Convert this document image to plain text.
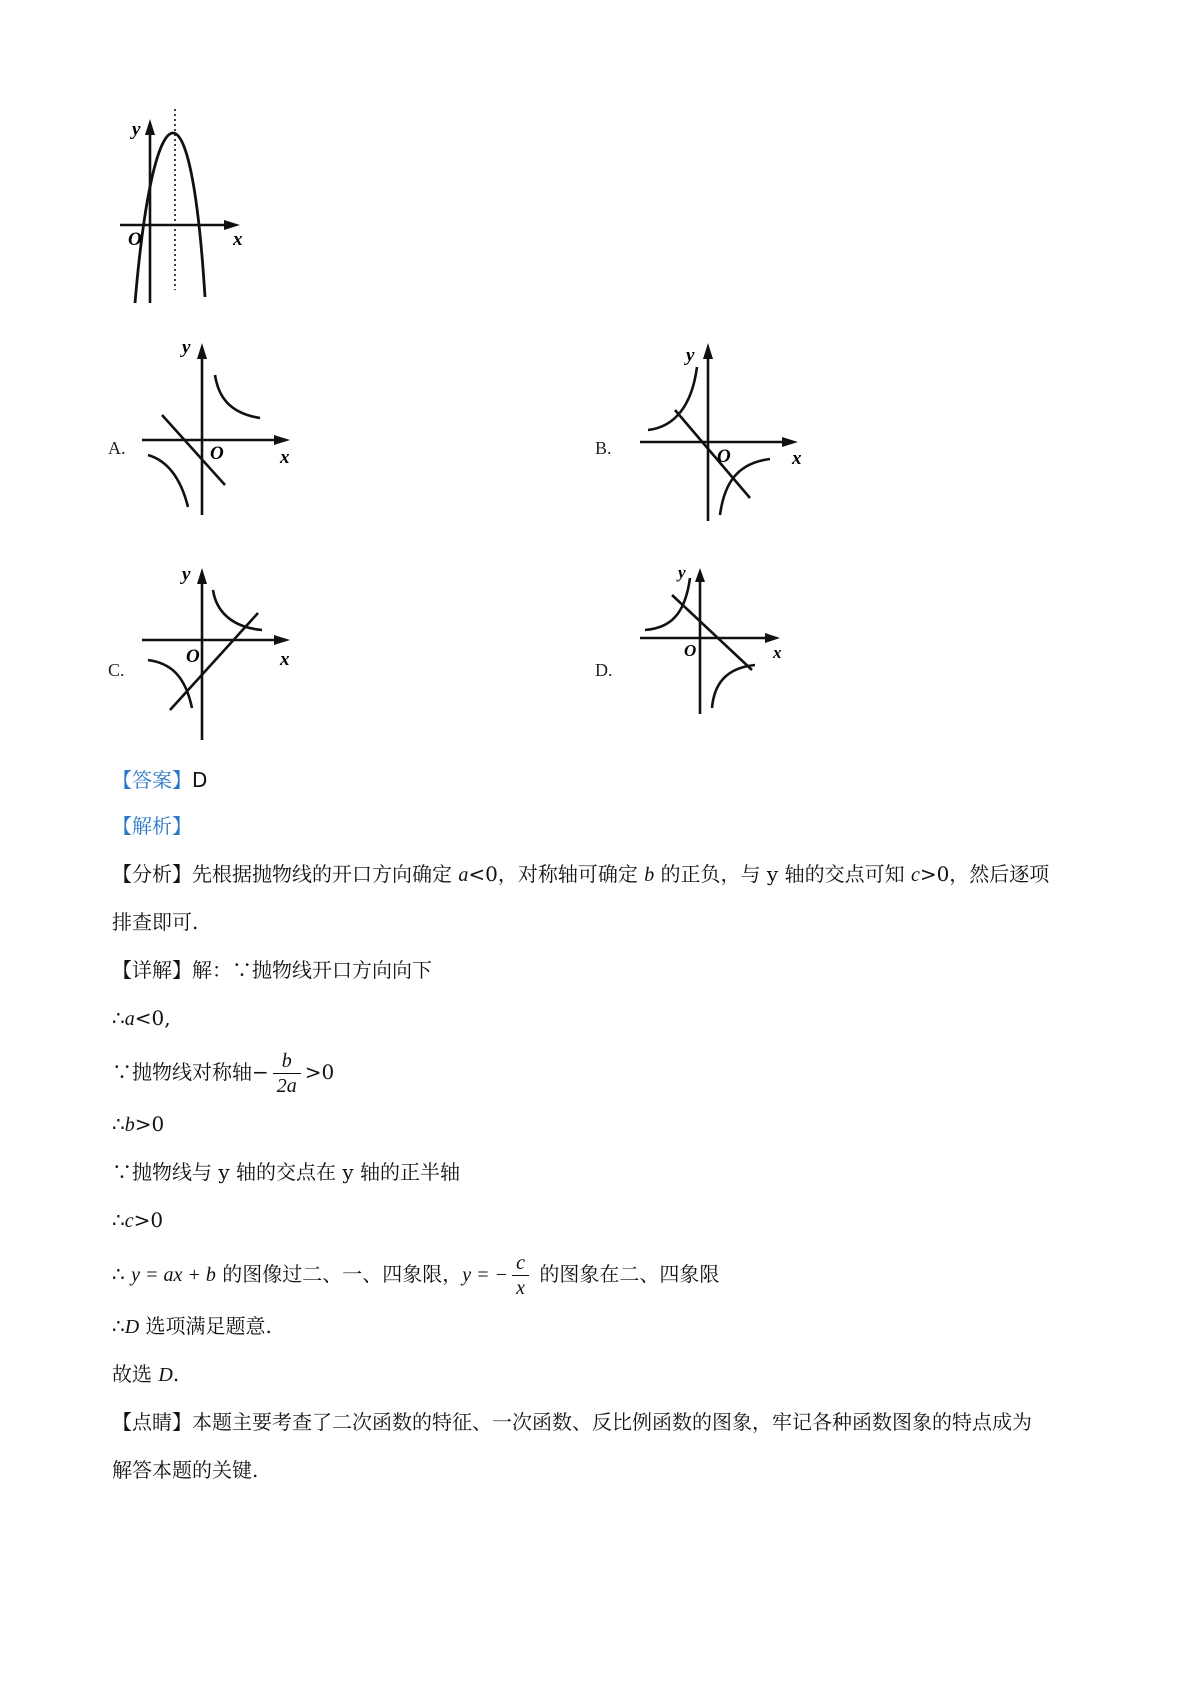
y
x
O
A.
y
x
O	B.
y
x
O
C.
y
x
O
D.
y
x
O
【答案】D
【解析】
【分析】先根据抛物线的开口方向确定 a<0，对称轴可确定 b 的正负，与 y 轴的交点可知 c>0，然后逐项
排查即可.
【详解】解：∵抛物线开口方向向下
∴a<0,
∵抛物线对称轴− $\frac{b}{2a} >0$
∴b>0
∵抛物线与 y 轴的交点在 y 轴的正半轴
∴c>0
∴ y = ax + b 的图像过二、一、四象限，y = − $\frac{c}{x}$ 的图象在二、四象限
∴D 选项满足题意.
故选 D.
【点睛】本题主要考查了二次函数的特征、一次函数、反比例函数的图象，牢记各种函数图象的特点成为
解答本题的关键.
